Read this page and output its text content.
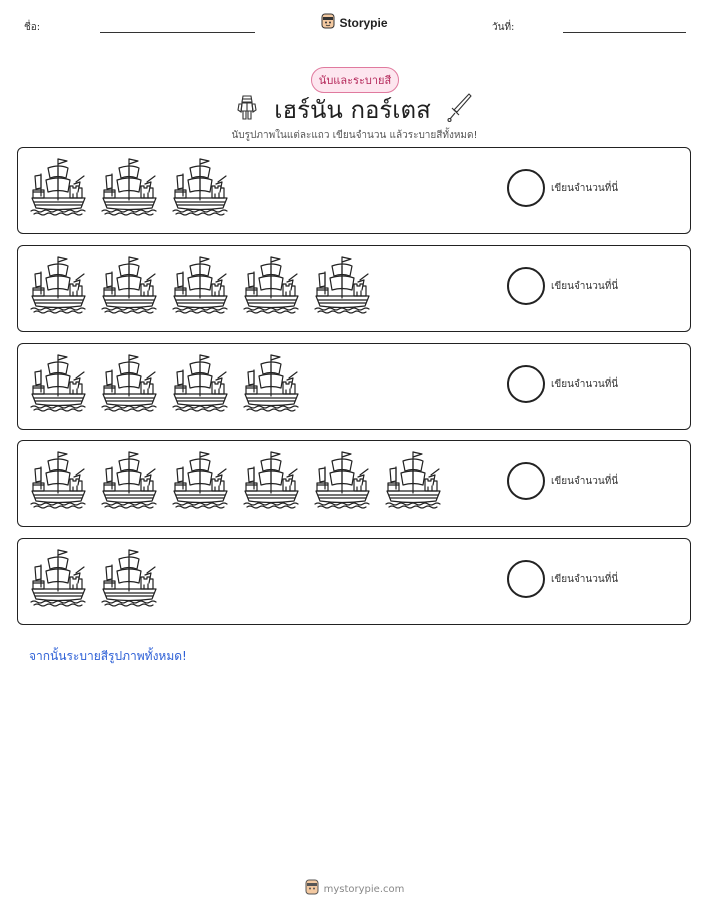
ชื่อ:	Storypie	วันที่:
นับและระบายสี
เฮร์นัน กอร์เตส
นับรูปภาพในแต่ละแถว เขียนจำนวน แล้วระบายสีทั้งหมด!
เขียนจำนวนที่นี่
เขียนจำนวนที่นี่
เขียนจำนวนที่นี่
เขียนจำนวนที่นี่
เขียนจำนวนที่นี่
จากนั้นระบายสีรูปภาพทั้งหมด!
mystorypie.com
